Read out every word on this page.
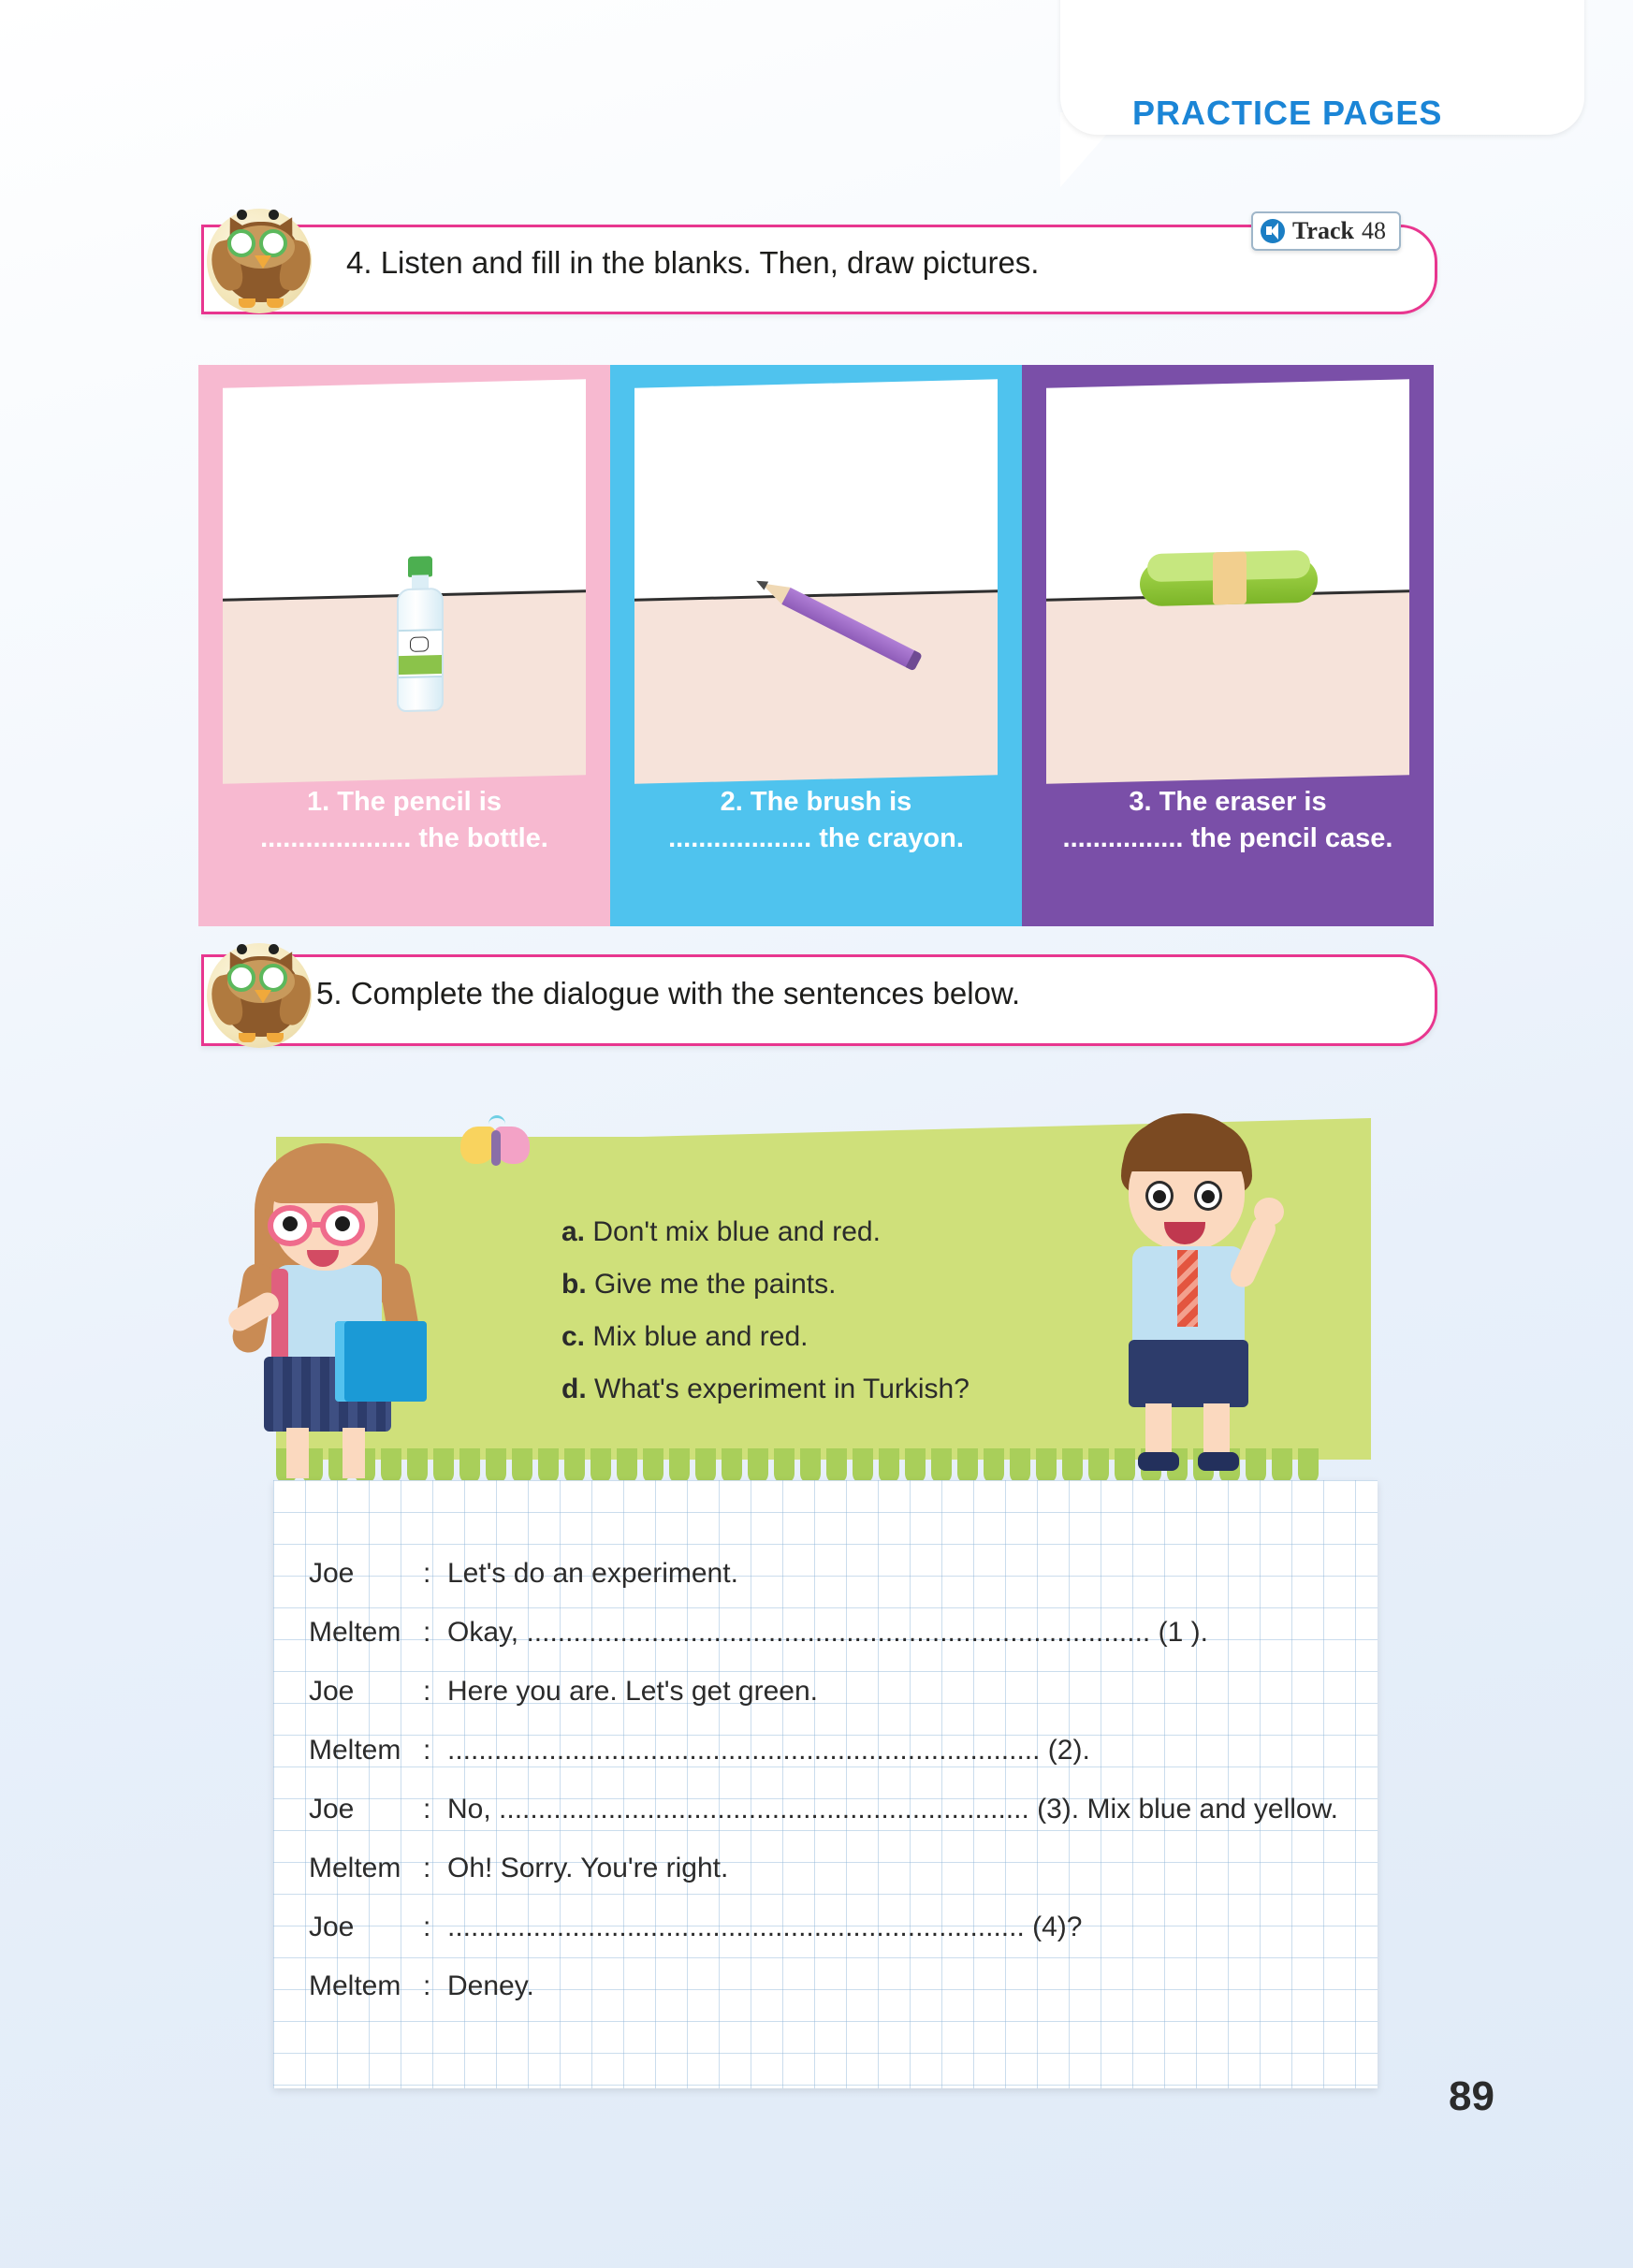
PRACTICE PAGES
4. Listen and fill in the blanks. Then, draw pictures.
Track 48
1. The pencil is
.................... the bottle.
2. The brush is
................... the crayon.
3. The eraser is
................ the pencil case.
5. Complete the dialogue with the sentences below.
a. Don't mix blue and red.
b. Give me the paints.
c. Mix blue and red.
d. What's experiment in Turkish?
Joe	: Let's do an experiment.
Meltem : Okay, ................................................................................ (1 ).
Joe	: Here you are. Let's get green.
Meltem : ............................................................................ (2).
Joe	: No, .................................................................... (3). Mix blue and yellow.
Meltem : Oh! Sorry. You're right.
Joe	: .......................................................................... (4)?
Meltem : Deney.
89
